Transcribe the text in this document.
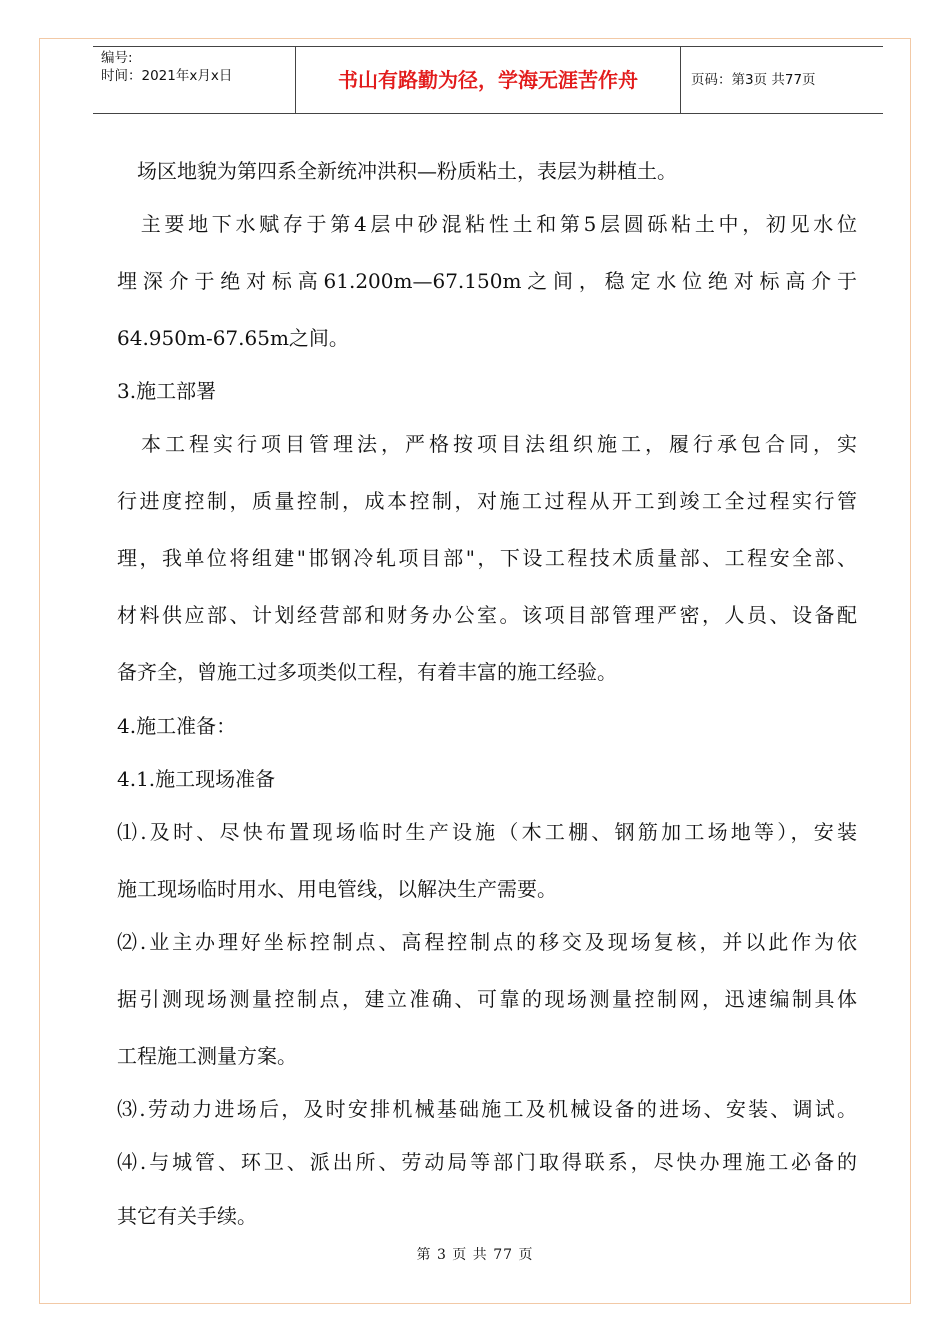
编号:
时间：2021年x月x日	书山有路勤为径，学海无涯苦作舟	页码：第3页 共77页
　场区地貌为第四系全新统冲洪积—粉质粘土，表层为耕植土。
　主要地下水赋存于第4层中砂混粘性土和第5层圆砾粘土中，初见水位
埋深介于绝对标高61.200m—67.150m之间，稳定水位绝对标高介于
64.950m-67.65m之间。
3.施工部署
　本工程实行项目管理法，严格按项目法组织施工，履行承包合同，实
行进度控制，质量控制，成本控制，对施工过程从开工到竣工全过程实行管
理，我单位将组建"邯钢冷轧项目部"，下设工程技术质量部、工程安全部、
材料供应部、计划经营部和财务办公室。该项目部管理严密，人员、设备配
备齐全，曾施工过多项类似工程，有着丰富的施工经验。
4.施工准备：
4.1.施工现场准备
⑴.及时、尽快布置现场临时生产设施（木工棚、钢筋加工场地等），安装
施工现场临时用水、用电管线，以解决生产需要。
⑵.业主办理好坐标控制点、高程控制点的移交及现场复核，并以此作为依
据引测现场测量控制点，建立准确、可靠的现场测量控制网，迅速编制具体
工程施工测量方案。
⑶.劳动力进场后，及时安排机械基础施工及机械设备的进场、安装、调试。
⑷.与城管、环卫、派出所、劳动局等部门取得联系，尽快办理施工必备的
其它有关手续。
第 3 页 共 77 页
